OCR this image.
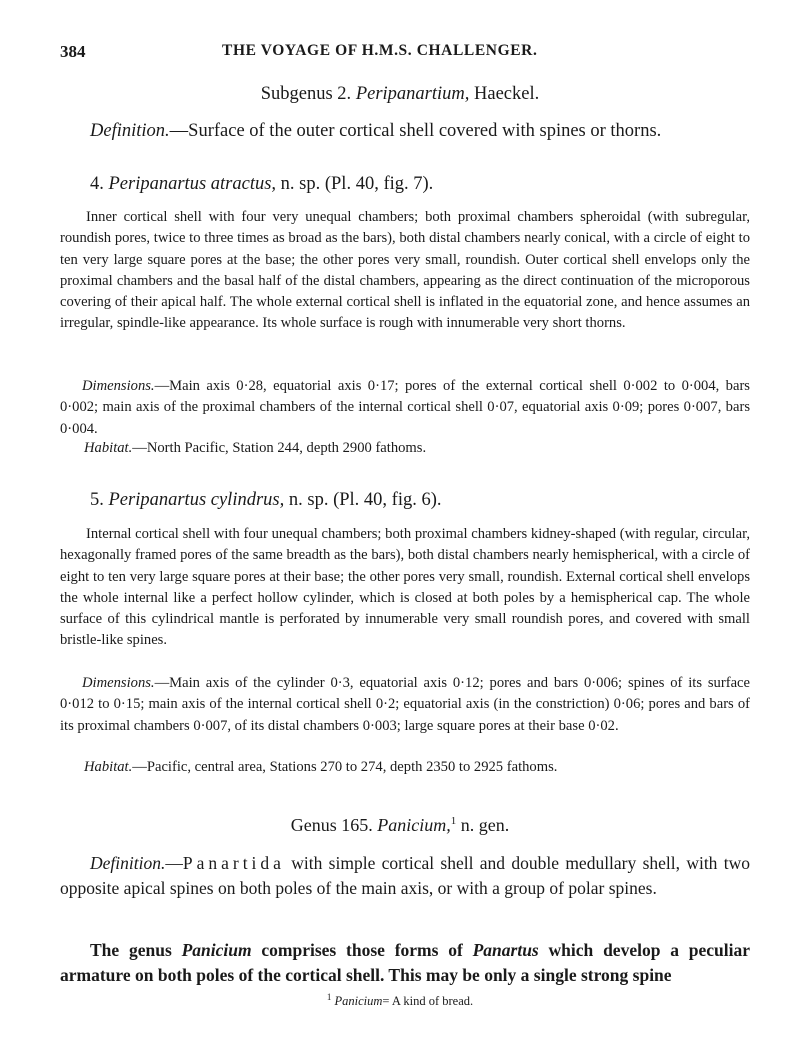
384	THE VOYAGE OF H.M.S. CHALLENGER.
Subgenus 2. Peripanartium, Haeckel.
Definition.—Surface of the outer cortical shell covered with spines or thorns.
4. Peripanartus atractus, n. sp. (Pl. 40, fig. 7).
Inner cortical shell with four very unequal chambers; both proximal chambers spheroidal (with subregular, roundish pores, twice to three times as broad as the bars), both distal chambers nearly conical, with a circle of eight to ten very large square pores at the base; the other pores very small, roundish. Outer cortical shell envelops only the proximal chambers and the basal half of the distal chambers, appearing as the direct continuation of the microporous covering of their apical half. The whole external cortical shell is inflated in the equatorial zone, and hence assumes an irregular, spindle-like appearance. Its whole surface is rough with innumerable very short thorns.
Dimensions.—Main axis 0·28, equatorial axis 0·17; pores of the external cortical shell 0·002 to 0·004, bars 0·002; main axis of the proximal chambers of the internal cortical shell 0·07, equatorial axis 0·09; pores 0·007, bars 0·004.
Habitat.—North Pacific, Station 244, depth 2900 fathoms.
5. Peripanartus cylindrus, n. sp. (Pl. 40, fig. 6).
Internal cortical shell with four unequal chambers; both proximal chambers kidney-shaped (with regular, circular, hexagonally framed pores of the same breadth as the bars), both distal chambers nearly hemispherical, with a circle of eight to ten very large square pores at their base; the other pores very small, roundish. External cortical shell envelops the whole internal like a perfect hollow cylinder, which is closed at both poles by a hemispherical cap. The whole surface of this cylindrical mantle is perforated by innumerable very small roundish pores, and covered with small bristle-like spines.
Dimensions.—Main axis of the cylinder 0·3, equatorial axis 0·12; pores and bars 0·006; spines of its surface 0·012 to 0·15; main axis of the internal cortical shell 0·2; equatorial axis (in the constriction) 0·06; pores and bars of its proximal chambers 0·007, of its distal chambers 0·003; large square pores at their base 0·02.
Habitat.—Pacific, central area, Stations 270 to 274, depth 2350 to 2925 fathoms.
Genus 165. Panicium,$^1$ n. gen.
Definition.—Panartida with simple cortical shell and double medullary shell, with two opposite apical spines on both poles of the main axis, or with a group of polar spines.
The genus Panicium comprises those forms of Panartus which develop a peculiar armature on both poles of the cortical shell. This may be only a single strong spine
$^1$ Panicium= A kind of bread.
